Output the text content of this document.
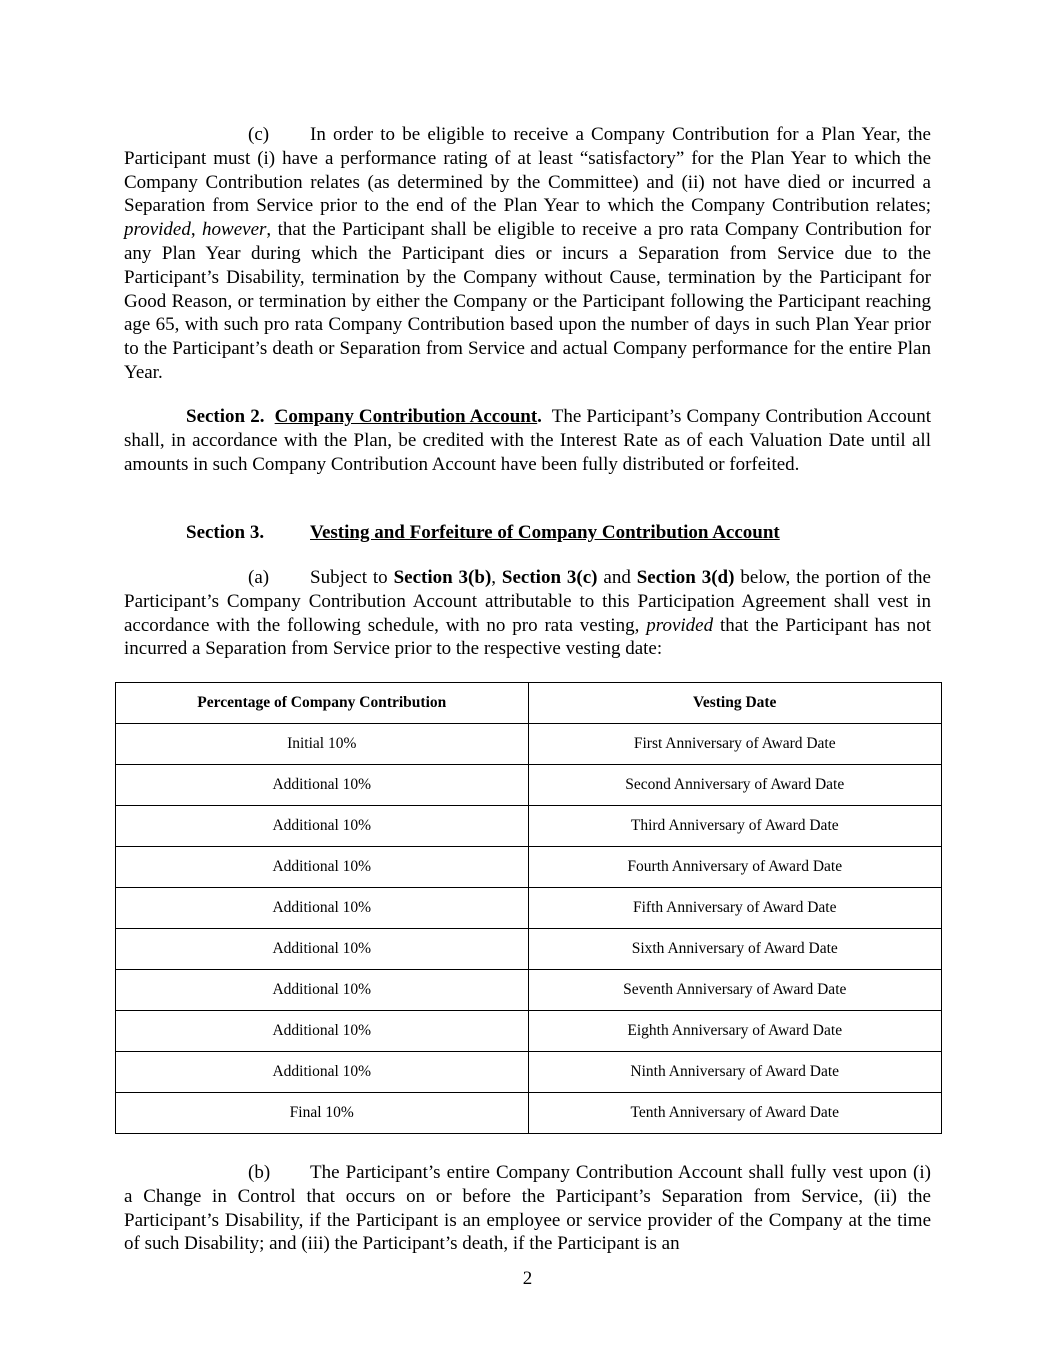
(c) In order to be eligible to receive a Company Contribution for a Plan Year, the Participant must (i) have a performance rating of at least “satisfactory” for the Plan Year to which the Company Contribution relates (as determined by the Committee) and (ii) not have died or incurred a Separation from Service prior to the end of the Plan Year to which the Company Contribution relates; provided, however, that the Participant shall be eligible to receive a pro rata Company Contribution for any Plan Year during which the Participant dies or incurs a Separation from Service due to the Participant’s Disability, termination by the Company without Cause, termination by the Participant for Good Reason, or termination by either the Company or the Participant following the Participant reaching age 65, with such pro rata Company Contribution based upon the number of days in such Plan Year prior to the Participant’s death or Separation from Service and actual Company performance for the entire Plan Year.

Section 2. Company Contribution Account. The Participant’s Company Contribution Account shall, in accordance with the Plan, be credited with the Interest Rate as of each Valuation Date until all amounts in such Company Contribution Account have been fully distributed or forfeited.

Section 3. Vesting and Forfeiture of Company Contribution Account

(a) Subject to Section 3(b), Section 3(c) and Section 3(d) below, the portion of the Participant’s Company Contribution Account attributable to this Participation Agreement shall vest in accordance with the following schedule, with no pro rata vesting, provided that the Participant has not incurred a Separation from Service prior to the respective vesting date:

Percentage of Company Contribution	Vesting Date
Initial 10%	First Anniversary of Award Date
Additional 10%	Second Anniversary of Award Date
Additional 10%	Third Anniversary of Award Date
Additional 10%	Fourth Anniversary of Award Date
Additional 10%	Fifth Anniversary of Award Date
Additional 10%	Sixth Anniversary of Award Date
Additional 10%	Seventh Anniversary of Award Date
Additional 10%	Eighth Anniversary of Award Date
Additional 10%	Ninth Anniversary of Award Date
Final 10%	Tenth Anniversary of Award Date

(b) The Participant’s entire Company Contribution Account shall fully vest upon (i) a Change in Control that occurs on or before the Participant’s Separation from Service, (ii) the Participant’s Disability, if the Participant is an employee or service provider of the Company at the time of such Disability; and (iii) the Participant’s death, if the Participant is an

2
